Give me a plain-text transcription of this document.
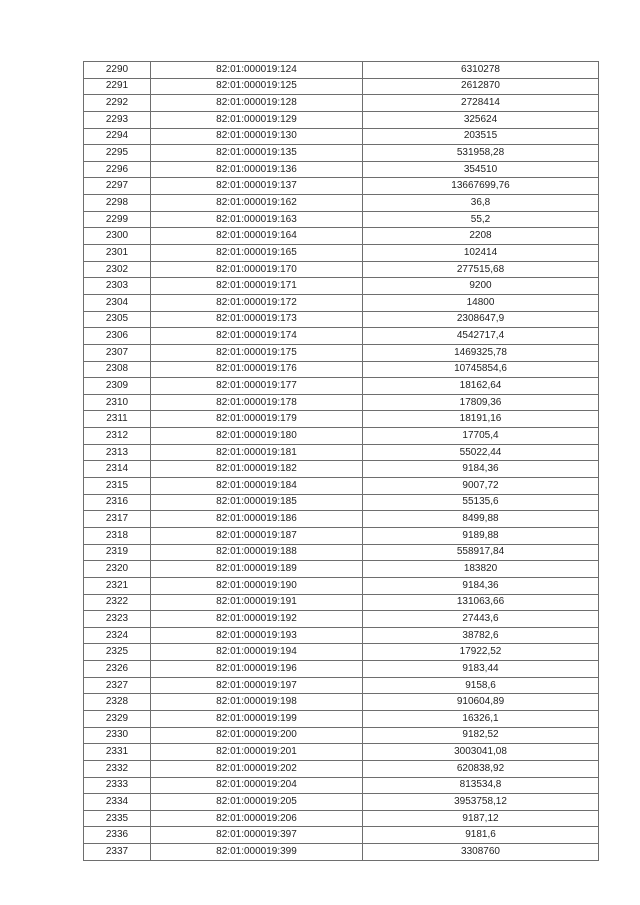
2290	82:01:000019:124	6310278
2291	82:01:000019:125	2612870
2292	82:01:000019:128	2728414
2293	82:01:000019:129	325624
2294	82:01:000019:130	203515
2295	82:01:000019:135	531958,28
2296	82:01:000019:136	354510
2297	82:01:000019:137	13667699,76
2298	82:01:000019:162	36,8
2299	82:01:000019:163	55,2
2300	82:01:000019:164	2208
2301	82:01:000019:165	102414
2302	82:01:000019:170	277515,68
2303	82:01:000019:171	9200
2304	82:01:000019:172	14800
2305	82:01:000019:173	2308647,9
2306	82:01:000019:174	4542717,4
2307	82:01:000019:175	1469325,78
2308	82:01:000019:176	10745854,6
2309	82:01:000019:177	18162,64
2310	82:01:000019:178	17809,36
2311	82:01:000019:179	18191,16
2312	82:01:000019:180	17705,4
2313	82:01:000019:181	55022,44
2314	82:01:000019:182	9184,36
2315	82:01:000019:184	9007,72
2316	82:01:000019:185	55135,6
2317	82:01:000019:186	8499,88
2318	82:01:000019:187	9189,88
2319	82:01:000019:188	558917,84
2320	82:01:000019:189	183820
2321	82:01:000019:190	9184,36
2322	82:01:000019:191	131063,66
2323	82:01:000019:192	27443,6
2324	82:01:000019:193	38782,6
2325	82:01:000019:194	17922,52
2326	82:01:000019:196	9183,44
2327	82:01:000019:197	9158,6
2328	82:01:000019:198	910604,89
2329	82:01:000019:199	16326,1
2330	82:01:000019:200	9182,52
2331	82:01:000019:201	3003041,08
2332	82:01:000019:202	620838,92
2333	82:01:000019:204	813534,8
2334	82:01:000019:205	3953758,12
2335	82:01:000019:206	9187,12
2336	82:01:000019:397	9181,6
2337	82:01:000019:399	3308760
